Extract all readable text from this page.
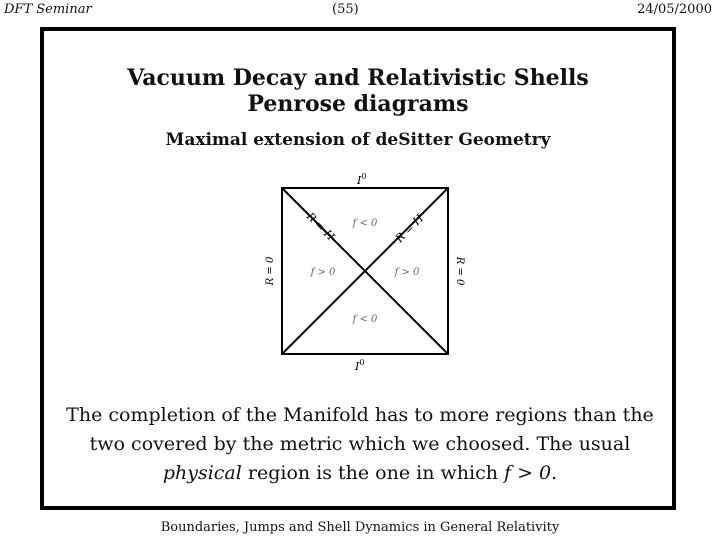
DFT Seminar	(55)	24/05/2000
Vacuum Decay and Relativistic Shells
Penrose diagrams
Maximal extension of deSitter Geometry
$I^0$
$I^0$
R = 0	R = 0
R = H	R = H
f < 0
f < 0
f > 0	f > 0
The completion of the Manifold has to more regions than the two covered by the metric which we choosed. The usual physical region is the one in which f > 0.
Boundaries, Jumps and Shell Dynamics in General Relativity
